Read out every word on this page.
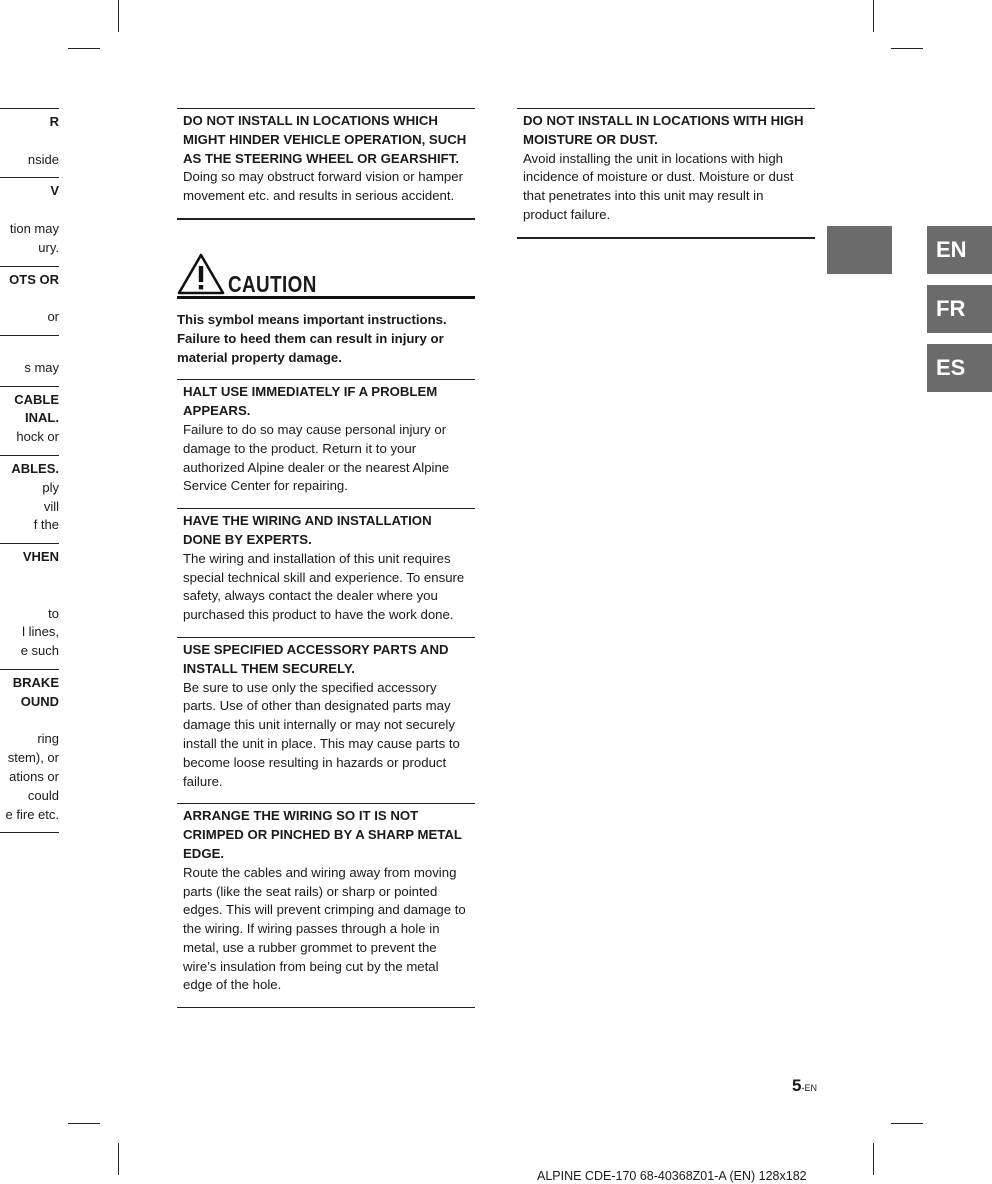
R

nside
V

tion may
ury.
OTS OR

or

s may
CABLE
INAL.
hock or
ABLES.
ply
vill
f the
VHEN

to
l lines,
e such
BRAKE
OUND

ring
stem), or
ations or
could
e fire etc.
DO NOT INSTALL IN LOCATIONS WHICH MIGHT HINDER VEHICLE OPERATION, SUCH AS THE STEERING WHEEL OR GEARSHIFT.
Doing so may obstruct forward vision or hamper movement etc. and results in serious accident.
CAUTION
This symbol means important instructions. Failure to heed them can result in injury or material property damage.
HALT USE IMMEDIATELY IF A PROBLEM APPEARS.
Failure to do so may cause personal injury or damage to the product. Return it to your authorized Alpine dealer or the nearest Alpine Service Center for repairing.
HAVE THE WIRING AND INSTALLATION DONE BY EXPERTS.
The wiring and installation of this unit requires special technical skill and experience. To ensure safety, always contact the dealer where you purchased this product to have the work done.
USE SPECIFIED ACCESSORY PARTS AND INSTALL THEM SECURELY.
Be sure to use only the specified accessory parts. Use of other than designated parts may damage this unit internally or may not securely install the unit in place. This may cause parts to become loose resulting in hazards or product failure.
ARRANGE THE WIRING SO IT IS NOT CRIMPED OR PINCHED BY A SHARP METAL EDGE.
Route the cables and wiring away from moving parts (like the seat rails) or sharp or pointed edges. This will prevent crimping and damage to the wiring. If wiring passes through a hole in metal, use a rubber grommet to prevent the wire’s insulation from being cut by the metal edge of the hole.
DO NOT INSTALL IN LOCATIONS WITH HIGH MOISTURE OR DUST.
Avoid installing the unit in locations with high incidence of moisture or dust. Moisture or dust that penetrates into this unit may result in product failure.
EN
FR
ES
5-EN
ALPINE CDE-170 68-40368Z01-A (EN) 128x182
